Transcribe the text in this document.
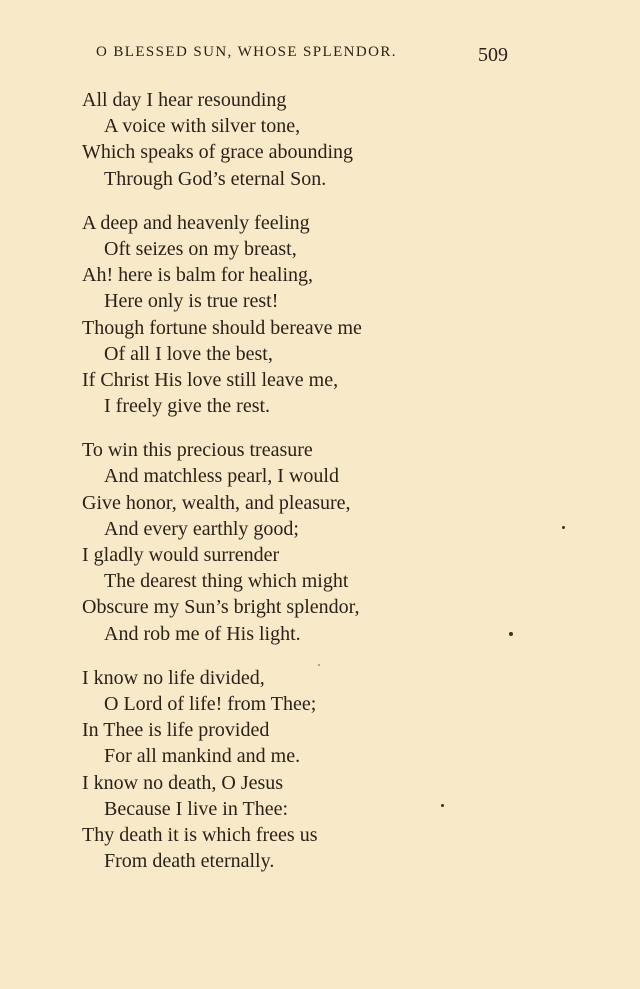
O BLESSED SUN, WHOSE SPLENDOR.	509
All day I hear resounding
A voice with silver tone,
Which speaks of grace abounding
Through God’s eternal Son.
A deep and heavenly feeling
Oft seizes on my breast,
Ah! here is balm for healing,
Here only is true rest!
Though fortune should bereave me
Of all I love the best,
If Christ His love still leave me,
I freely give the rest.
To win this precious treasure
And matchless pearl, I would
Give honor, wealth, and pleasure,
And every earthly good;
I gladly would surrender
The dearest thing which might
Obscure my Sun’s bright splendor,
And rob me of His light.
I know no life divided,
O Lord of life! from Thee;
In Thee is life provided
For all mankind and me.
I know no death, O Jesus
Because I live in Thee:
Thy death it is which frees us
From death eternally.
